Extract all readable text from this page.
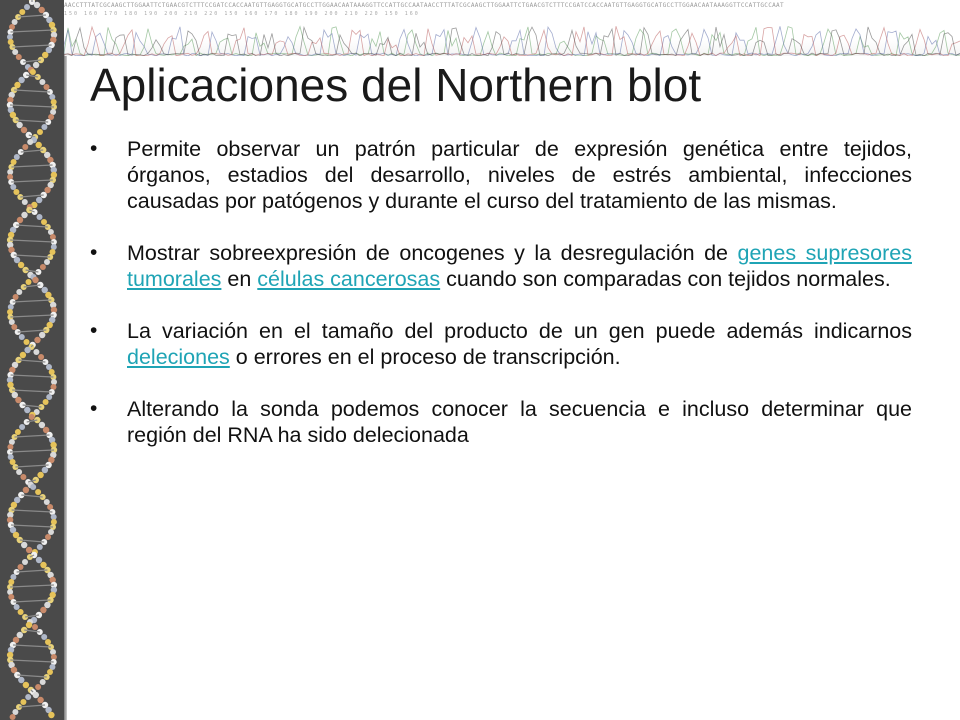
AACCTTTATCGCAAGCTTGGAATTCTGAACGTCTTTCCGATCCACCAATGTTGAGGTGCATGCCTTGGAACAATAAAGGTTCCATTGCCAATAACCTTTATCGCAAGCTTGGAATTCTGAACGTCTTTCCGATCCACCAATGTTGAGGTGCATGCCTTGGAACAATAAAGGTTCCATTGCCAAT
150 160 170 180 190 200 210 220 150 160 170 180 190 200 210 220 150 160
Aplicaciones del Northern blot
• Permite observar un patrón particular de expresión genética entre tejidos, órganos, estadios del desarrollo, niveles de estrés ambiental, infecciones causadas por patógenos y durante el curso del tratamiento de las mismas.
• Mostrar sobreexpresión de oncogenes y la desregulación de genes supresores tumorales en células cancerosas cuando son comparadas con tejidos normales.
• La variación en el tamaño del producto de un gen puede además indicarnos deleciones o errores en el proceso de transcripción.
• Alterando la sonda podemos conocer la secuencia e incluso determinar que región del RNA ha sido delecionada
